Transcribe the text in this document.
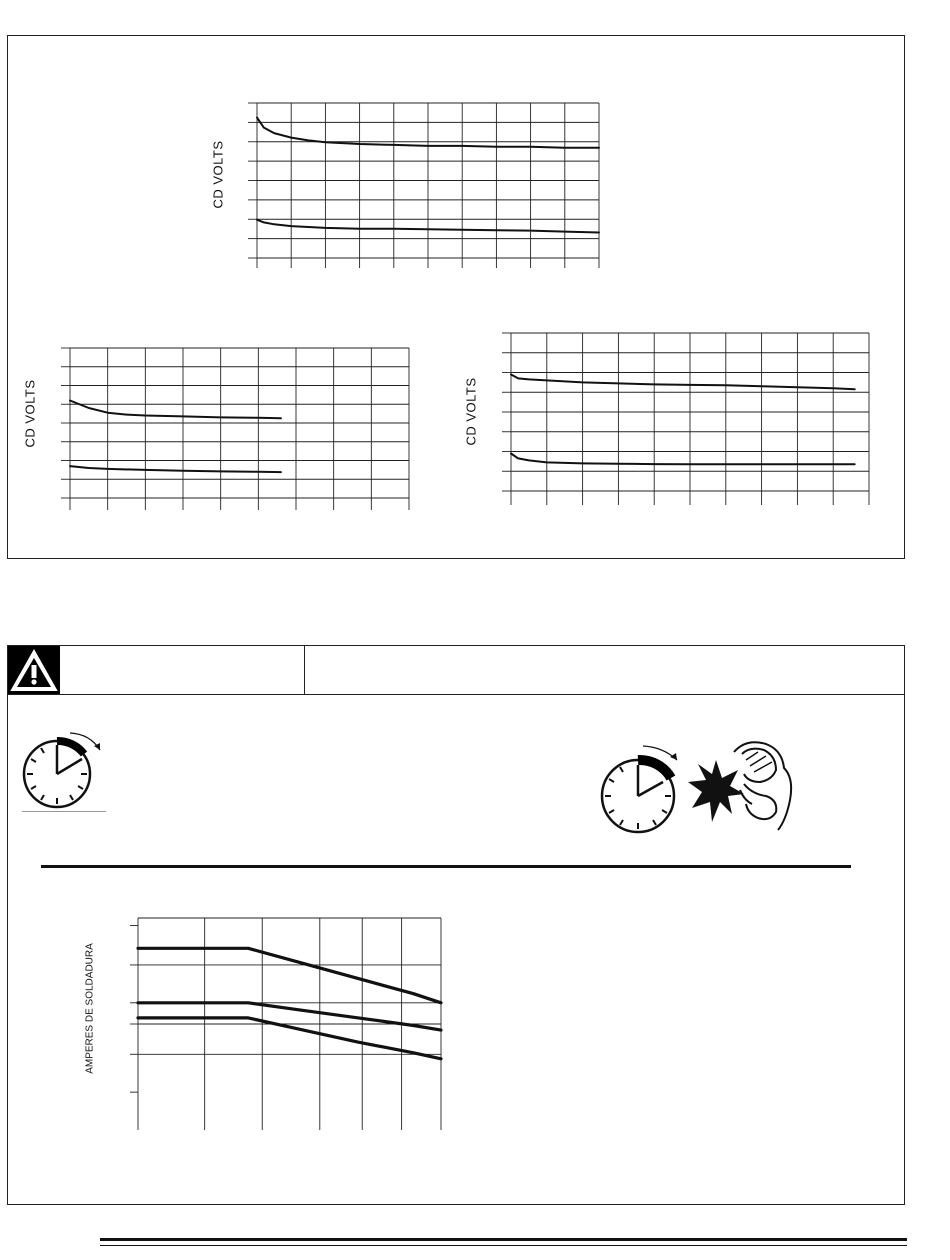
CD VOLTS
CD VOLTS	CD VOLTS
AMPERES DE SOLDADURA
